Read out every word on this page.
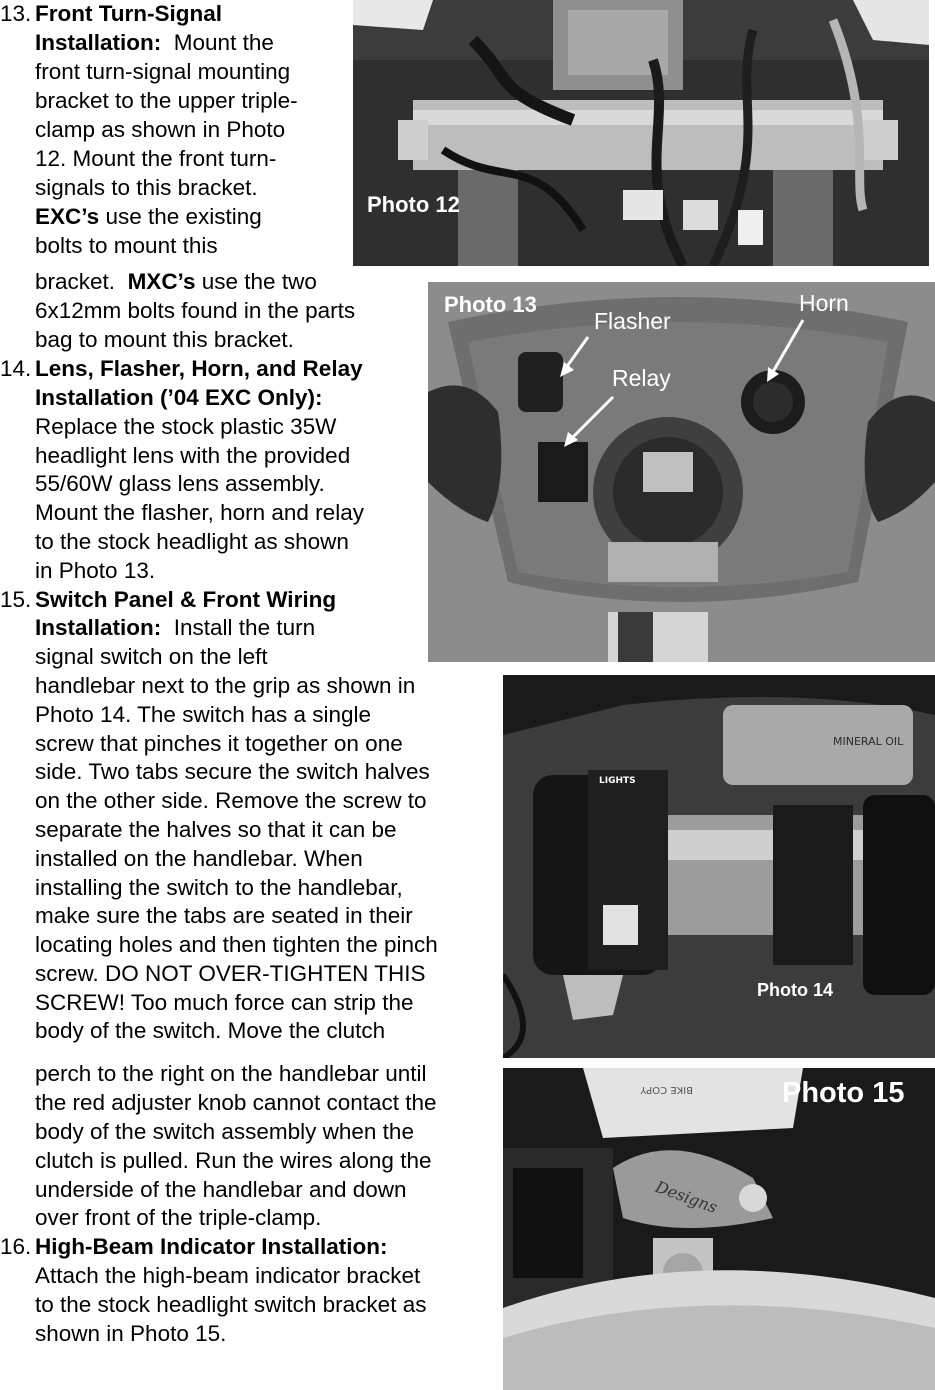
13. Front Turn-Signal
Installation: Mount the
front turn-signal mounting
bracket to the upper triple-
clamp as shown in Photo
12. Mount the front turn-
signals to this bracket.
EXC’s use the existing
bolts to mount this
bracket. MXC’s use the two
6x12mm bolts found in the parts
bag to mount this bracket.
14. Lens, Flasher, Horn, and Relay
Installation (’04 EXC Only):
Replace the stock plastic 35W
headlight lens with the provided
55/60W glass lens assembly.
Mount the flasher, horn and relay
to the stock headlight as shown
in Photo 13.
15. Switch Panel & Front Wiring
Installation: Install the turn
signal switch on the left
handlebar next to the grip as shown in
Photo 14. The switch has a single
screw that pinches it together on one
side. Two tabs secure the switch halves
on the other side. Remove the screw to
separate the halves so that it can be
installed on the handlebar. When
installing the switch to the handlebar,
make sure the tabs are seated in their
locating holes and then tighten the pinch
screw. DO NOT OVER-TIGHTEN THIS
SCREW! Too much force can strip the
body of the switch. Move the clutch
perch to the right on the handlebar until
the red adjuster knob cannot contact the
body of the switch assembly when the
clutch is pulled. Run the wires along the
underside of the handlebar and down
over front of the triple-clamp.
16. High-Beam Indicator Installation:
Attach the high-beam indicator bracket
to the stock headlight switch bracket as
shown in Photo 15.
Photo 12
Photo 13
Flasher
Relay
Horn
MINERAL OIL
LIGHTS
Photo 14
BIKE COPY
Designs
Photo 15
